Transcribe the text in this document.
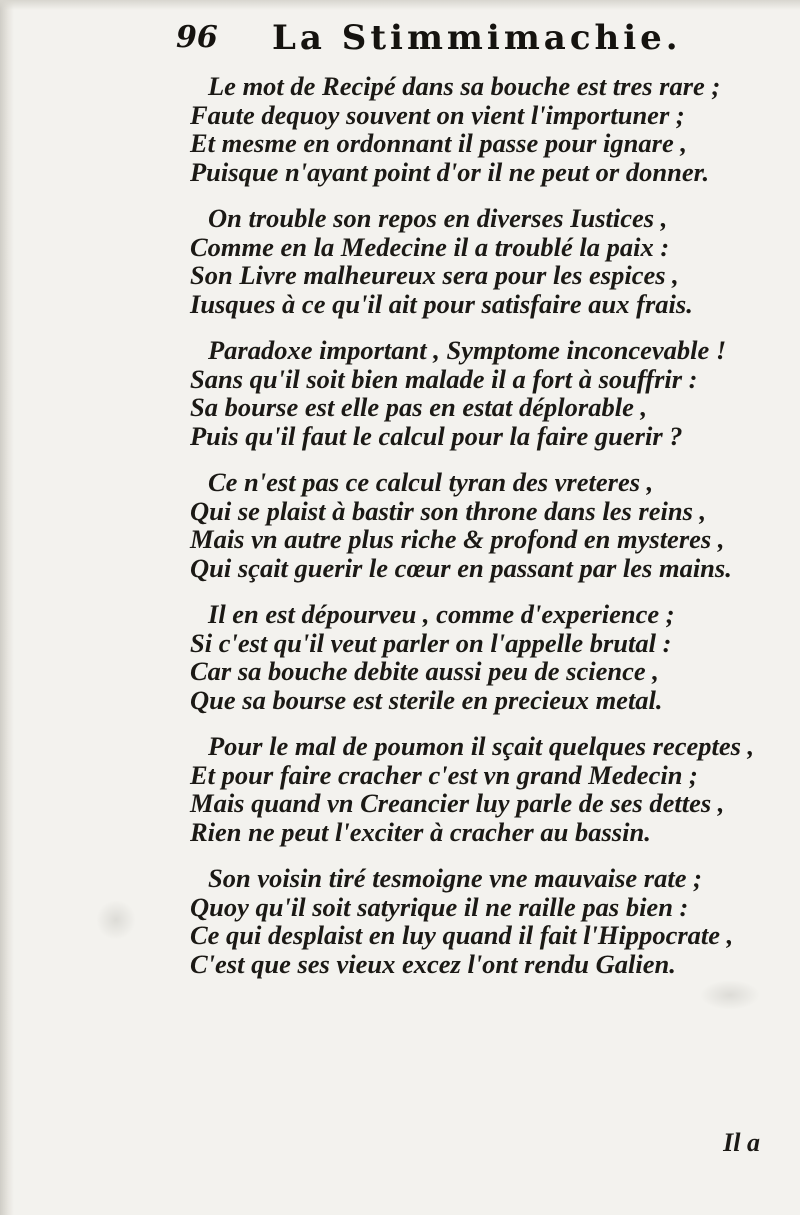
96 La Stimmimachie.
Le mot de Recipé dans sa bouche est tres rare ;
Faute dequoy souvent on vient l'importuner ;
Et mesme en ordonnant il passe pour ignare ,
Puisque n'ayant point d'or il ne peut or donner.
On trouble son repos en diverses Iustices ,
Comme en la Medecine il a troublé la paix :
Son Livre malheureux sera pour les espices ,
Iusques à ce qu'il ait pour satisfaire aux frais.
Paradoxe important , Symptome inconcevable !
Sans qu'il soit bien malade il a fort à souffrir :
Sa bourse est elle pas en estat déplorable ,
Puis qu'il faut le calcul pour la faire guerir ?
Ce n'est pas ce calcul tyran des vreteres ,
Qui se plaist à bastir son throne dans les reins ,
Mais vn autre plus riche & profond en mysteres ,
Qui sçait guerir le cœur en passant par les mains.
Il en est dépourveu , comme d'experience ;
Si c'est qu'il veut parler on l'appelle brutal :
Car sa bouche debite aussi peu de science ,
Que sa bourse est sterile en precieux metal.
Pour le mal de poumon il sçait quelques receptes ,
Et pour faire cracher c'est vn grand Medecin ;
Mais quand vn Creancier luy parle de ses dettes ,
Rien ne peut l'exciter à cracher au bassin.
Son voisin tiré tesmoigne vne mauvaise rate ;
Quoy qu'il soit satyrique il ne raille pas bien :
Ce qui desplaist en luy quand il fait l'Hippocrate ,
C'est que ses vieux excez l'ont rendu Galien.
Il a
